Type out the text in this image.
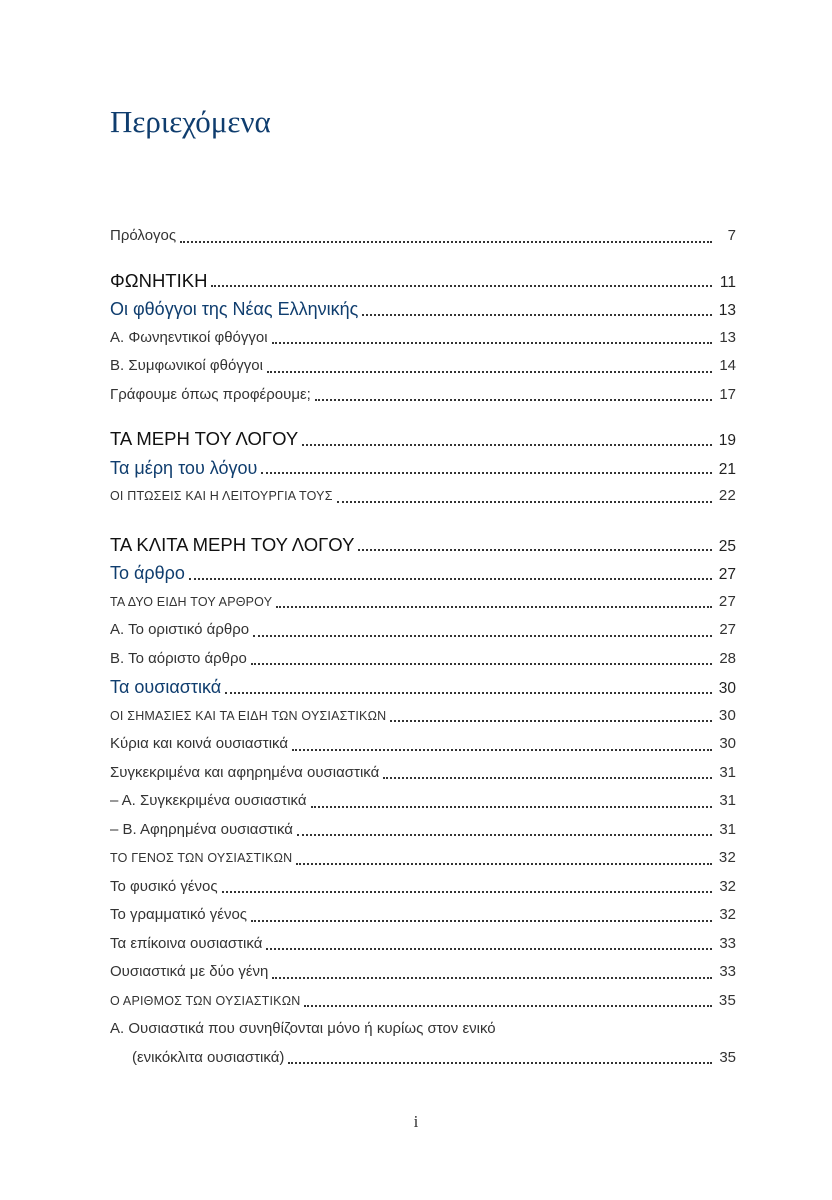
Περιεχόμενα
Πρόλογος	7
ΦΩΝΗΤΙΚΗ	11
Οι φθόγγοι της Νέας Ελληνικής	13
Α. Φωνηεντικοί φθόγγοι	13
Β. Συμφωνικοί φθόγγοι	14
Γράφουμε όπως προφέρουμε;	17
ΤΑ ΜΕΡΗ ΤΟΥ ΛΟΓΟΥ	19
Τα μέρη του λόγου	21
ΟΙ ΠΤΩΣΕΙΣ ΚΑΙ Η ΛΕΙΤΟΥΡΓΙΑ ΤΟΥΣ	22
ΤΑ ΚΛΙΤΑ ΜΕΡΗ ΤΟΥ ΛΟΓΟΥ	25
Το άρθρο	27
ΤΑ ΔΥΟ ΕΙΔΗ ΤΟΥ ΑΡΘΡΟΥ	27
Α. Το οριστικό άρθρο	27
Β. Το αόριστο άρθρο	28
Τα ουσιαστικά	30
ΟΙ ΣΗΜΑΣΙΕΣ ΚΑΙ ΤΑ ΕΙΔΗ ΤΩΝ ΟΥΣΙΑΣΤΙΚΩΝ	30
Κύρια και κοινά ουσιαστικά	30
Συγκεκριμένα και αφηρημένα ουσιαστικά	31
– Α. Συγκεκριμένα ουσιαστικά	31
– Β. Αφηρημένα ουσιαστικά	31
ΤΟ ΓΕΝΟΣ ΤΩΝ ΟΥΣΙΑΣΤΙΚΩΝ	32
Το φυσικό γένος	32
Το γραμματικό γένος	32
Τα επίκοινα ουσιαστικά	33
Ουσιαστικά με δύο γένη	33
Ο ΑΡΙΘΜΟΣ ΤΩΝ ΟΥΣΙΑΣΤΙΚΩΝ	35
Α. Ουσιαστικά που συνηθίζονται μόνο ή κυρίως στον ενικό
(ενικόκλιτα ουσιαστικά)	35
i
